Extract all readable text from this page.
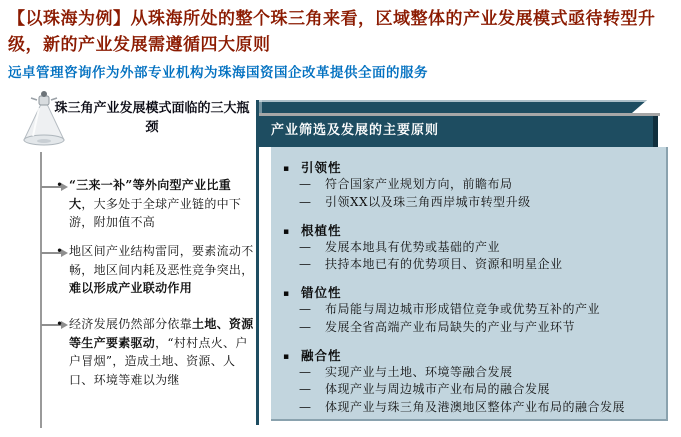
【以珠海为例】从珠海所处的整个珠三角来看，区域整体的产业发展模式亟待转型升级，新的产业发展需遵循四大原则
远卓管理咨询作为外部专业机构为珠海国资国企改革提供全面的服务
珠三角产业发展模式面临的三大瓶颈
• “三来一补”等外向型产业比重大，大多处于全球产业链的中下游，附加值不高
• 地区间产业结构雷同，要素流动不畅，地区间内耗及恶性竞争突出，难以形成产业联动作用
• 经济发展仍然部分依靠土地、资源等生产要素驱动，“村村点火、户户冒烟”，造成土地、资源、人口、环境等难以为继
产业筛选及发展的主要原则
▪ 引领性
—	符合国家产业规划方向，前瞻布局
—	引领XX以及珠三角西岸城市转型升级
▪ 根植性
—	发展本地具有优势或基础的产业
—	扶持本地已有的优势项目、资源和明星企业
▪ 错位性
—	布局能与周边城市形成错位竞争或优势互补的产业
—	发展全省高端产业布局缺失的产业与产业环节
▪ 融合性
—	实现产业与土地、环境等融合发展
—	体现产业与周边城市产业布局的融合发展
—	体现产业与珠三角及港澳地区整体产业布局的融合发展
